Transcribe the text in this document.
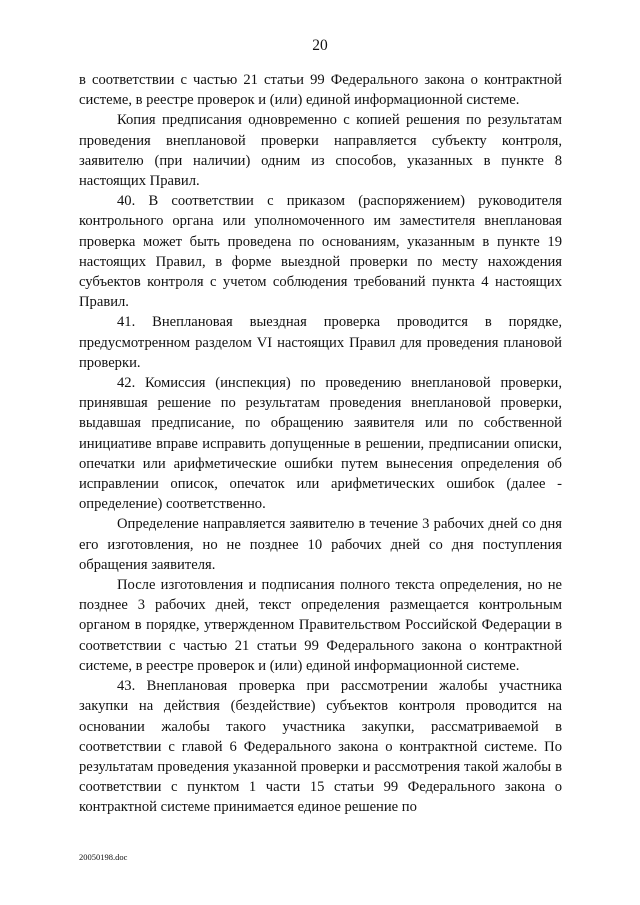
20

в соответствии с частью 21 статьи 99 Федерального закона о контрактной системе, в реестре проверок и (или) единой информационной системе.

Копия предписания одновременно с копией решения по результатам проведения внеплановой проверки направляется субъекту контроля, заявителю (при наличии) одним из способов, указанных в пункте 8 настоящих Правил.

40. В соответствии с приказом (распоряжением) руководителя контрольного органа или уполномоченного им заместителя внеплановая проверка может быть проведена по основаниям, указанным в пункте 19 настоящих Правил, в форме выездной проверки по месту нахождения субъектов контроля с учетом соблюдения требований пункта 4 настоящих Правил.

41. Внеплановая выездная проверка проводится в порядке, предусмотренном разделом VI настоящих Правил для проведения плановой проверки.

42. Комиссия (инспекция) по проведению внеплановой проверки, принявшая решение по результатам проведения внеплановой проверки, выдавшая предписание, по обращению заявителя или по собственной инициативе вправе исправить допущенные в решении, предписании описки, опечатки или арифметические ошибки путем вынесения определения об исправлении описок, опечаток или арифметических ошибок (далее - определение) соответственно.

Определение направляется заявителю в течение 3 рабочих дней со дня его изготовления, но не позднее 10 рабочих дней со дня поступления обращения заявителя.

После изготовления и подписания полного текста определения, но не позднее 3 рабочих дней, текст определения размещается контрольным органом в порядке, утвержденном Правительством Российской Федерации в соответствии с частью 21 статьи 99 Федерального закона о контрактной системе, в реестре проверок и (или) единой информационной системе.

43. Внеплановая проверка при рассмотрении жалобы участника закупки на действия (бездействие) субъектов контроля проводится на основании жалобы такого участника закупки, рассматриваемой в соответствии с главой 6 Федерального закона о контрактной системе. По результатам проведения указанной проверки и рассмотрения такой жалобы в соответствии с пунктом 1 части 15 статьи 99 Федерального закона о контрактной системе принимается единое решение по

20050198.doc
